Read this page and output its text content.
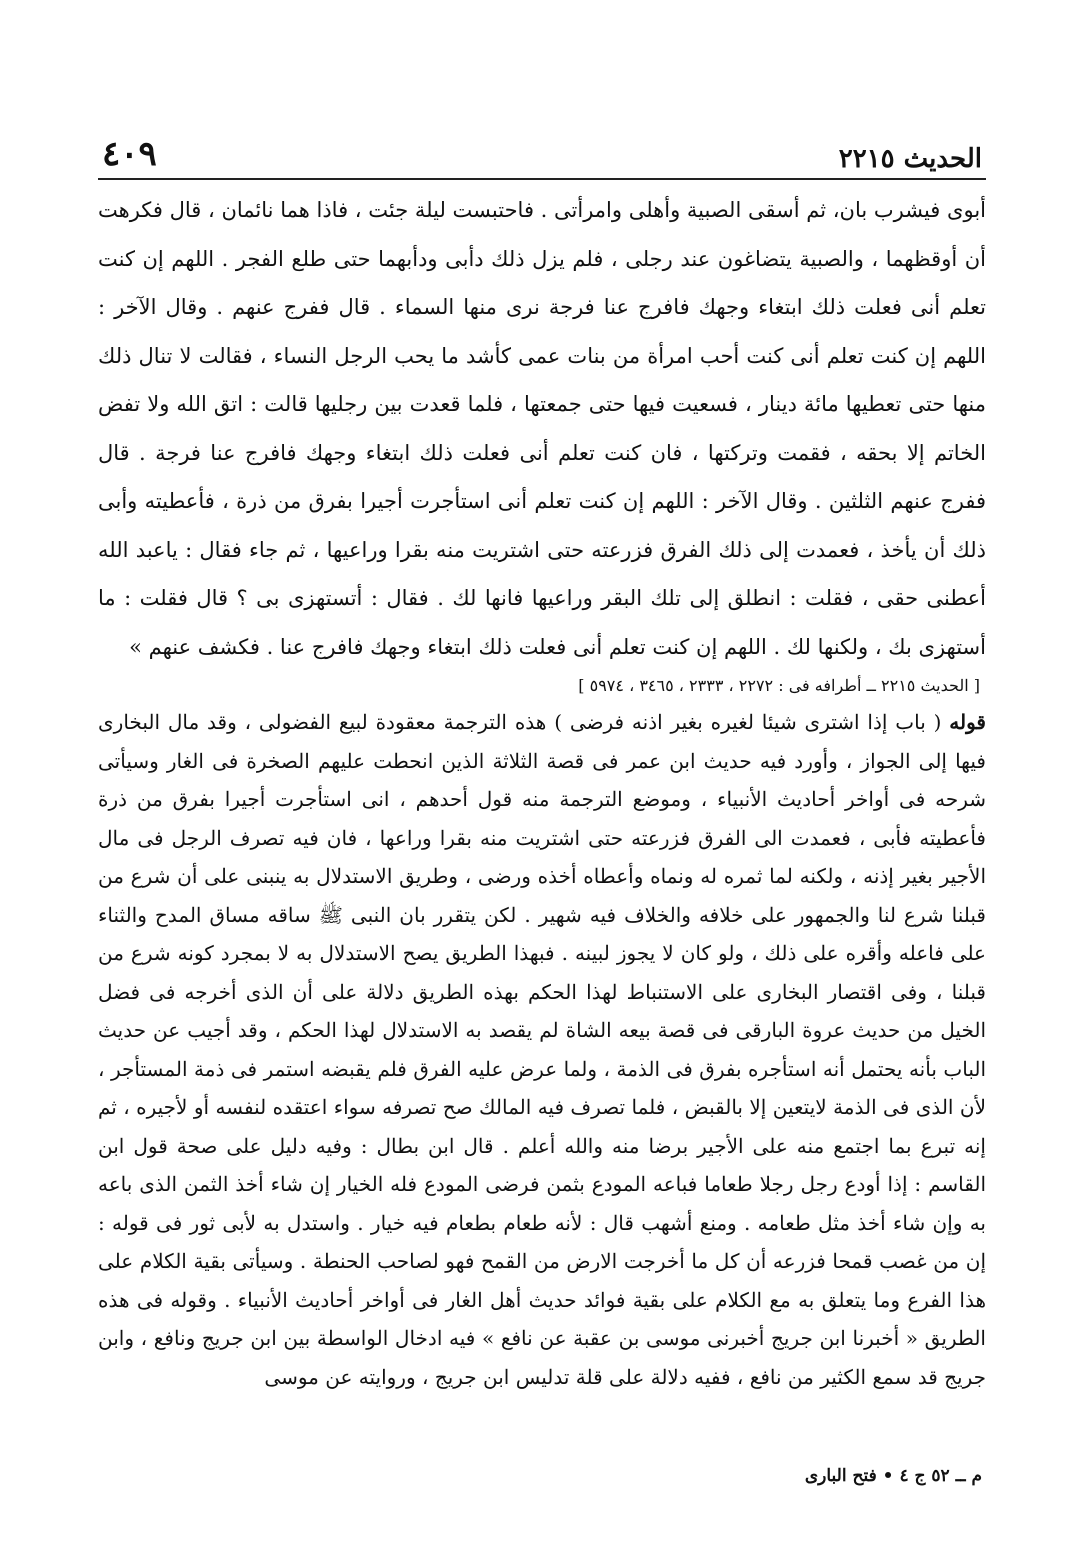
الحديث ٢٢١٥
٤٠٩

أبوى فيشرب بان، ثم أسقى الصبية وأهلى وامرأتى . فاحتبست ليلة جئت ، فاذا هما نائمان ، قال فكرهت أن أوقظهما ، والصبية يتضاغون عند رجلى ، فلم يزل ذلك دأبى ودأبهما حتى طلع الفجر . اللهم إن كنت تعلم أنى فعلت ذلك ابتغاء وجهك فافرج عنا فرجة نرى منها السماء . قال ففرج عنهم . وقال الآخر : اللهم إن كنت تعلم أنى كنت أحب امرأة من بنات عمى كأشد ما يحب الرجل النساء ، فقالت لا تنال ذلك منها حتى تعطيها مائة دينار ، فسعيت فيها حتى جمعتها ، فلما قعدت بين رجليها قالت : اتق الله ولا تفض الخاتم إلا بحقه ، فقمت وتركتها ، فان كنت تعلم أنى فعلت ذلك ابتغاء وجهك فافرج عنا فرجة . قال ففرج عنهم الثلثين . وقال الآخر : اللهم إن كنت تعلم أنى استأجرت أجيرا بفرق من ذرة ، فأعطيته وأبى ذلك أن يأخذ ، فعمدت إلى ذلك الفرق فزرعته حتى اشتريت منه بقرا وراعيها ، ثم جاء فقال : ياعبد الله أعطنى حقى ، فقلت : انطلق إلى تلك البقر وراعيها فانها لك . فقال : أتستهزى بى ؟ قال فقلت : ما أستهزى بك ، ولكنها لك . اللهم إن كنت تعلم أنى فعلت ذلك ابتغاء وجهك فافرج عنا . فكشف عنهم »

[ الحديث ٢٢١٥ ــ أطرافه فى : ٢٢٧٢ ، ٢٣٣٣ ، ٣٤٦٥ ، ٥٩٧٤ ]

قوله ( باب إذا اشترى شيئا لغيره بغير اذنه فرضى ) هذه الترجمة معقودة لبيع الفضولى ، وقد مال البخارى فيها إلى الجواز ، وأورد فيه حديث ابن عمر فى قصة الثلاثة الذين انحطت عليهم الصخرة فى الغار وسيأتى شرحه فى أواخر أحاديث الأنبياء ، وموضع الترجمة منه قول أحدهم ، انى استأجرت أجيرا بفرق من ذرة فأعطيته فأبى ، فعمدت الى الفرق فزرعته حتى اشتريت منه بقرا وراعها ، فان فيه تصرف الرجل فى مال الأجير بغير إذنه ، ولكنه لما ثمره له ونماه وأعطاه أخذه ورضى ، وطريق الاستدلال به ينبنى على أن شرع من قبلنا شرع لنا والجمهور على خلافه والخلاف فيه شهير . لكن يتقرر بان النبى ﷺ ساقه مساق المدح والثناء على فاعله وأقره على ذلك ، ولو كان لا يجوز لبينه . فبهذا الطريق يصح الاستدلال به لا بمجرد كونه شرع من قبلنا ، وفى اقتصار البخارى على الاستنباط لهذا الحكم بهذه الطريق دلالة على أن الذى أخرجه فى فضل الخيل من حديث عروة البارقى فى قصة بيعه الشاة لم يقصد به الاستدلال لهذا الحكم ، وقد أجيب عن حديث الباب بأنه يحتمل أنه استأجره بفرق فى الذمة ، ولما عرض عليه الفرق فلم يقبضه استمر فى ذمة المستأجر ، لأن الذى فى الذمة لايتعين إلا بالقبض ، فلما تصرف فيه المالك صح تصرفه سواء اعتقده لنفسه أو لأجيره ، ثم إنه تبرع بما اجتمع منه على الأجير برضا منه والله أعلم . قال ابن بطال : وفيه دليل على صحة قول ابن القاسم : إذا أودع رجل رجلا طعاما فباعه المودع بثمن فرضى المودع فله الخيار إن شاء أخذ الثمن الذى باعه به وإن شاء أخذ مثل طعامه . ومنع أشهب قال : لأنه طعام بطعام فيه خيار . واستدل به لأبى ثور فى قوله : إن من غصب قمحا فزرعه أن كل ما أخرجت الارض من القمح فهو لصاحب الحنطة . وسيأتى بقية الكلام على هذا الفرع وما يتعلق به مع الكلام على بقية فوائد حديث أهل الغار فى أواخر أحاديث الأنبياء . وقوله فى هذه الطريق « أخبرنا ابن جريج أخبرنى موسى بن عقبة عن نافع » فيه ادخال الواسطة بين ابن جريج ونافع ، وابن جريج قد سمع الكثير من نافع ، ففيه دلالة على قلة تدليس ابن جريج ، وروايته عن موسى

م ــ ٥٢ ج ٤ • فتح البارى
